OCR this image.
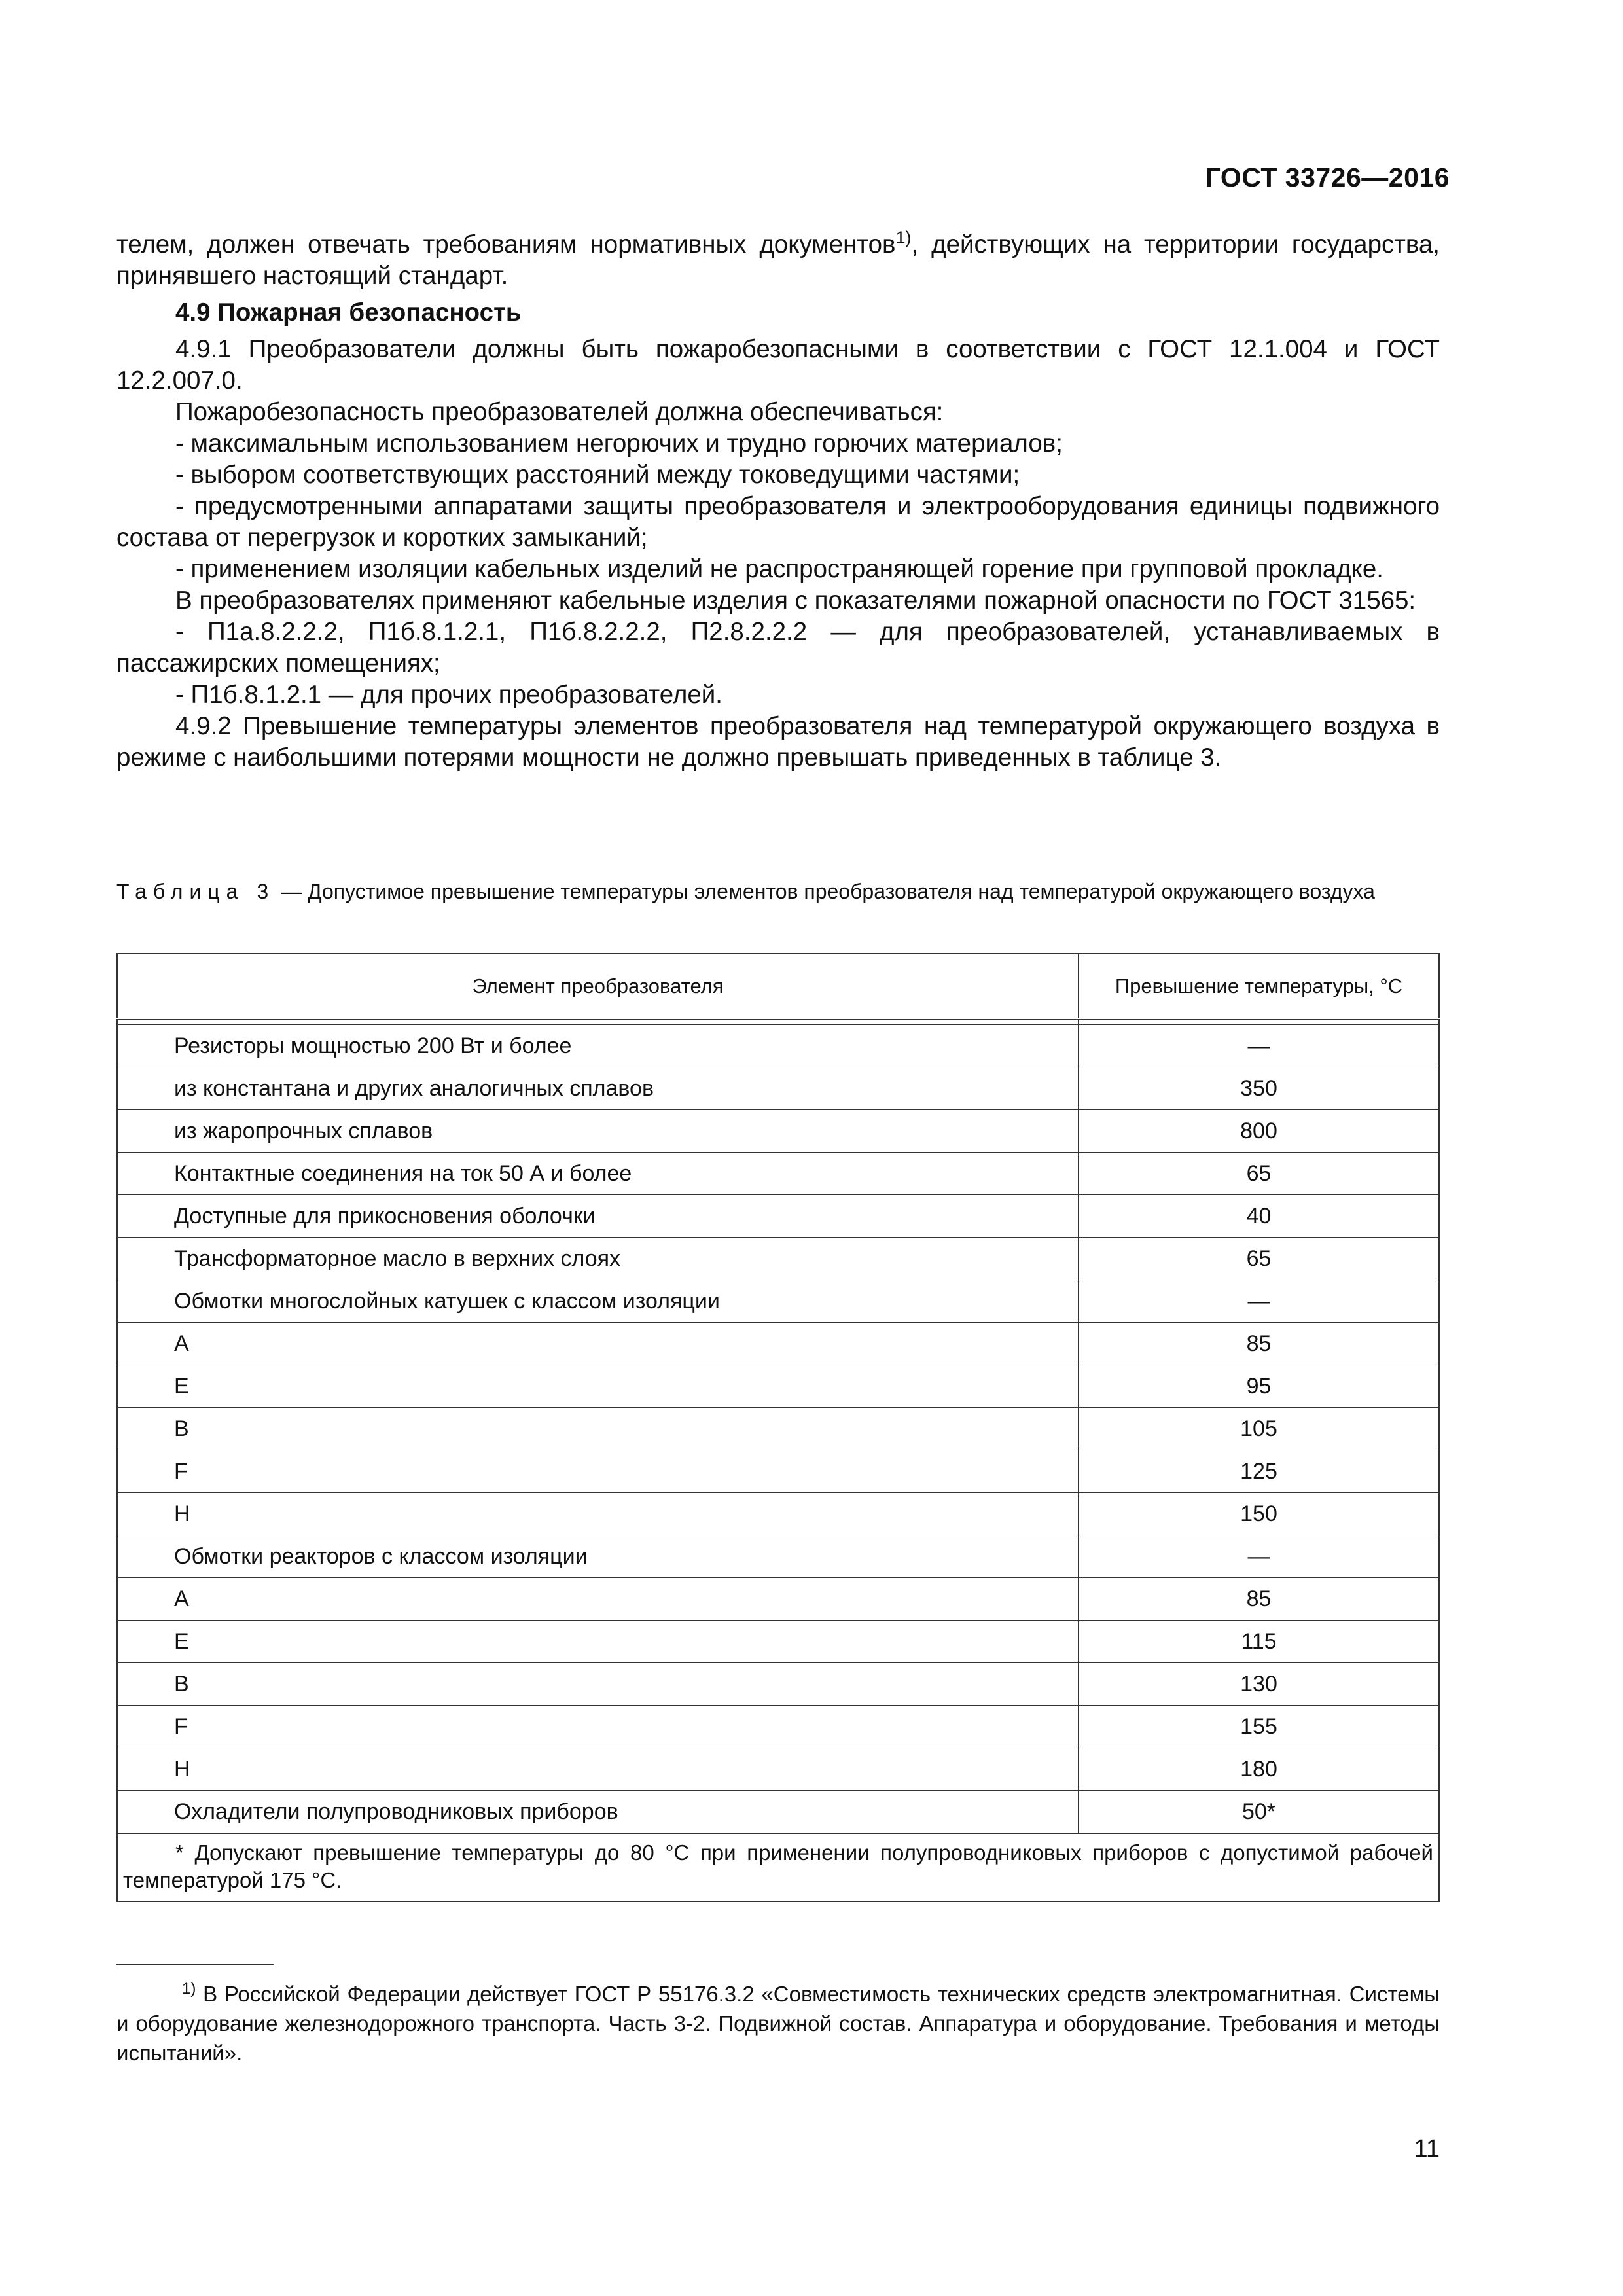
ГОСТ 33726—2016

телем, должен отвечать требованиям нормативных документов$^{1)}$, действующих на территории государства, принявшего настоящий стандарт.

4.9 Пожарная безопасность

4.9.1 Преобразователи должны быть пожаробезопасными в соответствии с ГОСТ 12.1.004 и ГОСТ 12.2.007.0.

Пожаробезопасность преобразователей должна обеспечиваться:

- максимальным использованием негорючих и трудно горючих материалов;

- выбором соответствующих расстояний между токоведущими частями;

- предусмотренными аппаратами защиты преобразователя и электрооборудования единицы подвижного состава от перегрузок и коротких замыканий;

- применением изоляции кабельных изделий не распространяющей горение при групповой прокладке.

В преобразователях применяют кабельные изделия с показателями пожарной опасности по ГОСТ 31565:

- П1а.8.2.2.2, П1б.8.1.2.1, П1б.8.2.2.2, П2.8.2.2.2 — для преобразователей, устанавливаемых в пассажирских помещениях;

- П1б.8.1.2.1 — для прочих преобразователей.

4.9.2 Превышение температуры элементов преобразователя над температурой окружающего воздуха в режиме с наибольшими потерями мощности не должно превышать приведенных в таблице 3.

Таблица 3 — Допустимое превышение температуры элементов преобразователя над температурой окружающего воздуха
Элемент преобразователя	Превышение температуры, °С

Резисторы мощностью 200 Вт и более	—
из константана и других аналогичных сплавов	350
из жаропрочных сплавов	800
Контактные соединения на ток 50 А и более	65
Доступные для прикосновения оболочки	40
Трансформаторное масло в верхних слоях	65
Обмотки многослойных катушек с классом изоляции	—
А	85
Е	95
В	105
F	125
Н	150
Обмотки реакторов с классом изоляции	—
А	85
Е	115
В	130
F	155
Н	180
Охладители полупроводниковых приборов	50*
* Допускают превышение температуры до 80 °С при применении полупроводниковых приборов с допустимой рабочей температурой 175 °С.	
$^{1)}$ В Российской Федерации действует ГОСТ Р 55176.3.2 «Совместимость технических средств электромагнитная. Системы и оборудование железнодорожного транспорта. Часть 3-2. Подвижной состав. Аппаратура и оборудование. Требования и методы испытаний».
11
